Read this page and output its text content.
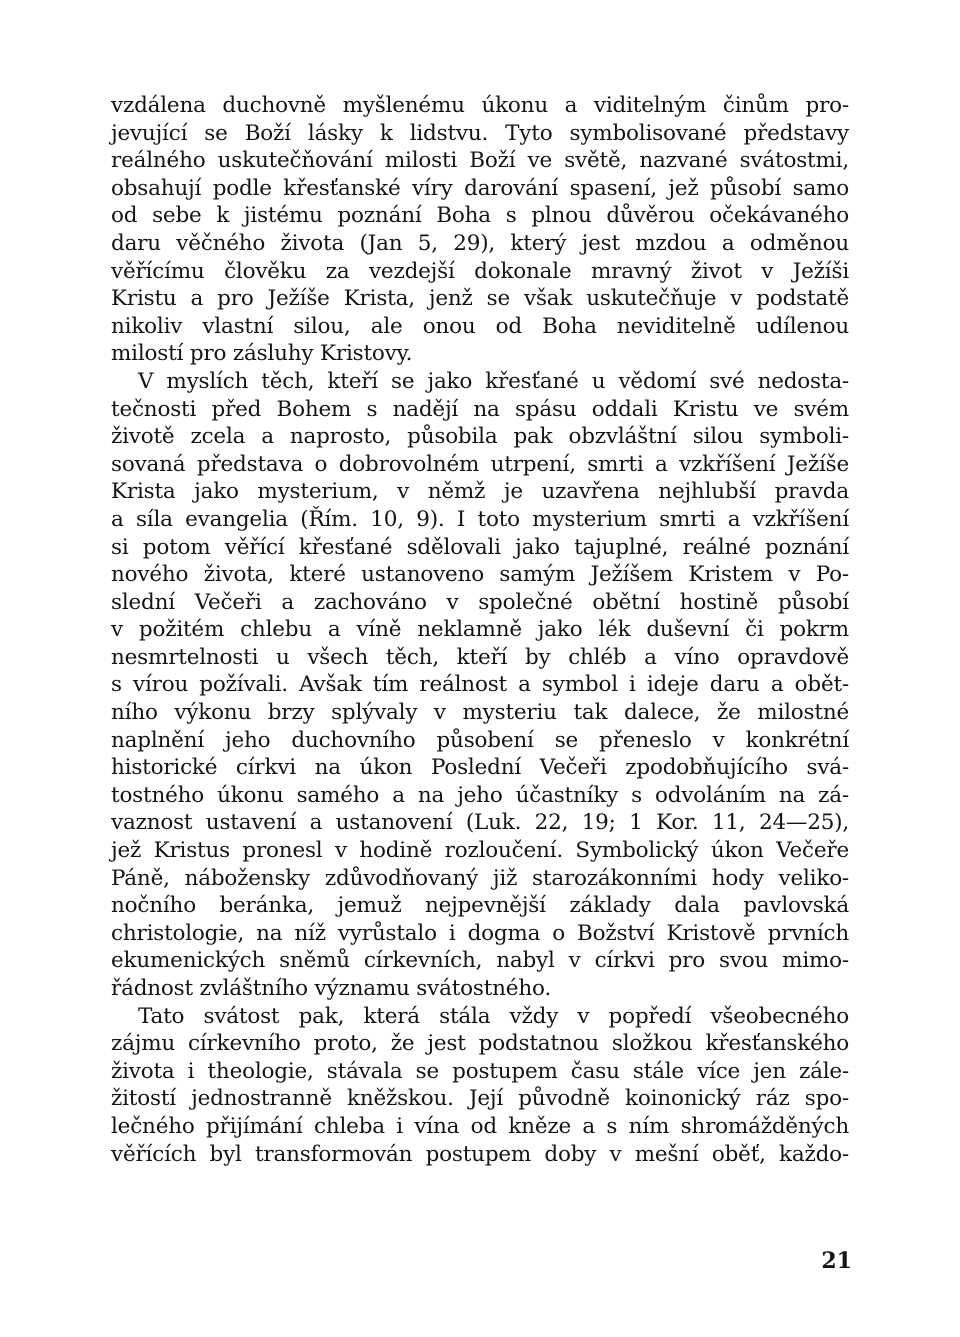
vzdálena duchovně myšlenému úkonu a viditelným činům pro-
jevující se Boží lásky k lidstvu. Tyto symbolisované představy
reálného uskutečňování milosti Boží ve světě, nazvané svátostmi,
obsahují podle křesťanské víry darování spasení, jež působí samo
od sebe k jistému poznání Boha s plnou důvěrou očekávaného
daru věčného života (Jan 5, 29), který jest mzdou a odměnou
věřícímu člověku za vezdejší dokonale mravný život v Ježíši
Kristu a pro Ježíše Krista, jenž se však uskutečňuje v podstatě
nikoliv vlastní silou, ale onou od Boha neviditelně udílenou
milostí pro zásluhy Kristovy.
V myslích těch, kteří se jako křesťané u vědomí své nedosta-
tečnosti před Bohem s nadějí na spásu oddali Kristu ve svém
životě zcela a naprosto, působila pak obzvláštní silou symboli-
sovaná představa o dobrovolném utrpení, smrti a vzkříšení Ježíše
Krista jako mysterium, v němž je uzavřena nejhlubší pravda
a síla evangelia (Řím. 10, 9). I toto mysterium smrti a vzkříšení
si potom věřící křesťané sdělovali jako tajuplné, reálné poznání
nového života, které ustanoveno samým Ježíšem Kristem v Po-
slední Večeři a zachováno v společné obětní hostině působí
v požitém chlebu a víně neklamně jako lék duševní či pokrm
nesmrtelnosti u všech těch, kteří by chléb a víno opravdově
s vírou požívali. Avšak tím reálnost a symbol i ideje daru a obět-
ního výkonu brzy splývaly v mysteriu tak dalece, že milostné
naplnění jeho duchovního působení se přeneslo v konkrétní
historické církvi na úkon Poslední Večeři zpodobňujícího svá-
tostného úkonu samého a na jeho účastníky s odvoláním na zá-
vaznost ustavení a ustanovení (Luk. 22, 19; 1 Kor. 11, 24—25),
jež Kristus pronesl v hodině rozloučení. Symbolický úkon Večeře
Páně, nábožensky zdůvodňovaný již starozákonními hody veliko-
nočního beránka, jemuž nejpevnější základy dala pavlovská
christologie, na níž vyrůstalo i dogma o Božství Kristově prvních
ekumenických sněmů církevních, nabyl v církvi pro svou mimo-
řádnost zvláštního významu svátostného.
Tato svátost pak, která stála vždy v popředí všeobecného
zájmu církevního proto, že jest podstatnou složkou křesťanského
života i theologie, stávala se postupem času stále více jen zále-
žitostí jednostranně kněžskou. Její původně koinonický ráz spo-
lečného přijímání chleba i vína od kněze a s ním shromážděných
věřících byl transformován postupem doby v mešní oběť, každo-
21
